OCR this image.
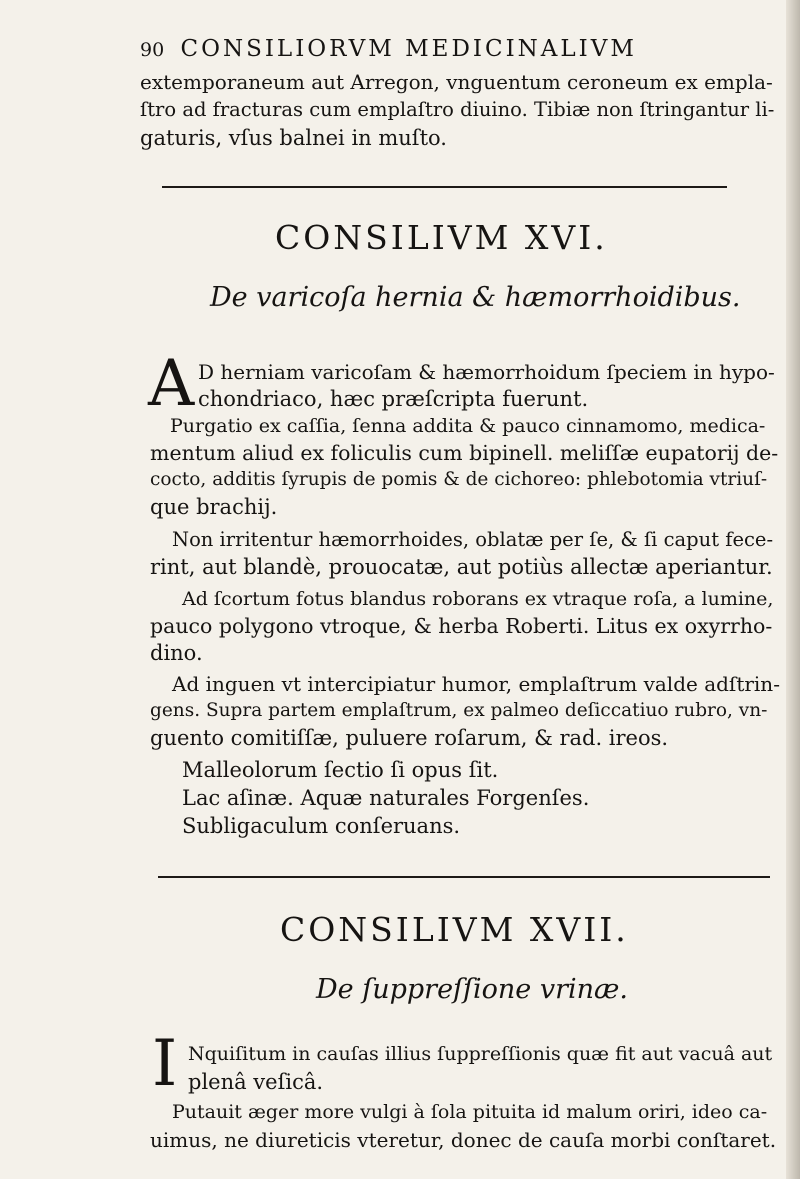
90 CONSILIORVM MEDICINALIVM
extemporaneum aut Arregon, vnguentum ceroneum ex empla-
ſtro ad fracturas cum emplaſtro diuino. Tibiæ non ſtringantur li-
gaturis, vſus balnei in muſto.
CONSILIVM XVI.
De varicoſa hernia & hæmorrhoidibus.
A D herniam varicoſam & hæmorrhoidum ſpeciem in hypo-
chondriaco, hæc præſcripta fuerunt.
Purgatio ex caſſia, ſenna addita & pauco cinnamomo, medica-
mentum aliud ex foliculis cum bipinell. meliſſæ eupatorij de-
cocto, additis ſyrupis de pomis & de cichoreo: phlebotomia vtriuſ-
que brachij.
Non irritentur hæmorrhoides, oblatæ per ſe, & ſi caput fece-
rint, aut blandè, prouocatæ, aut potiùs allectæ aperiantur.
Ad ſcortum fotus blandus roborans ex vtraque roſa, a lumine,
pauco polygono vtroque, & herba Roberti. Litus ex oxyrrho-
dino.
Ad inguen vt intercipiatur humor, emplaſtrum valde adſtrin-
gens. Supra partem emplaſtrum, ex palmeo deſiccatiuo rubro, vn-
guento comitiſſæ, puluere roſarum, & rad. ireos.
Malleolorum ſectio ſi opus ſit.
Lac aſinæ. Aquæ naturales Forgenſes.
Subligaculum conſeruans.
CONSILIVM XVII.
De ſuppreſſione vrinæ.
I Nquiſitum in cauſas illius ſuppreſſionis quæ fit aut vacuâ aut
plenâ veſicâ.
Putauit æger more vulgi à ſola pituita id malum oriri, ideo ca-
uimus, ne diureticis vteretur, donec de cauſa morbi conſtaret.
